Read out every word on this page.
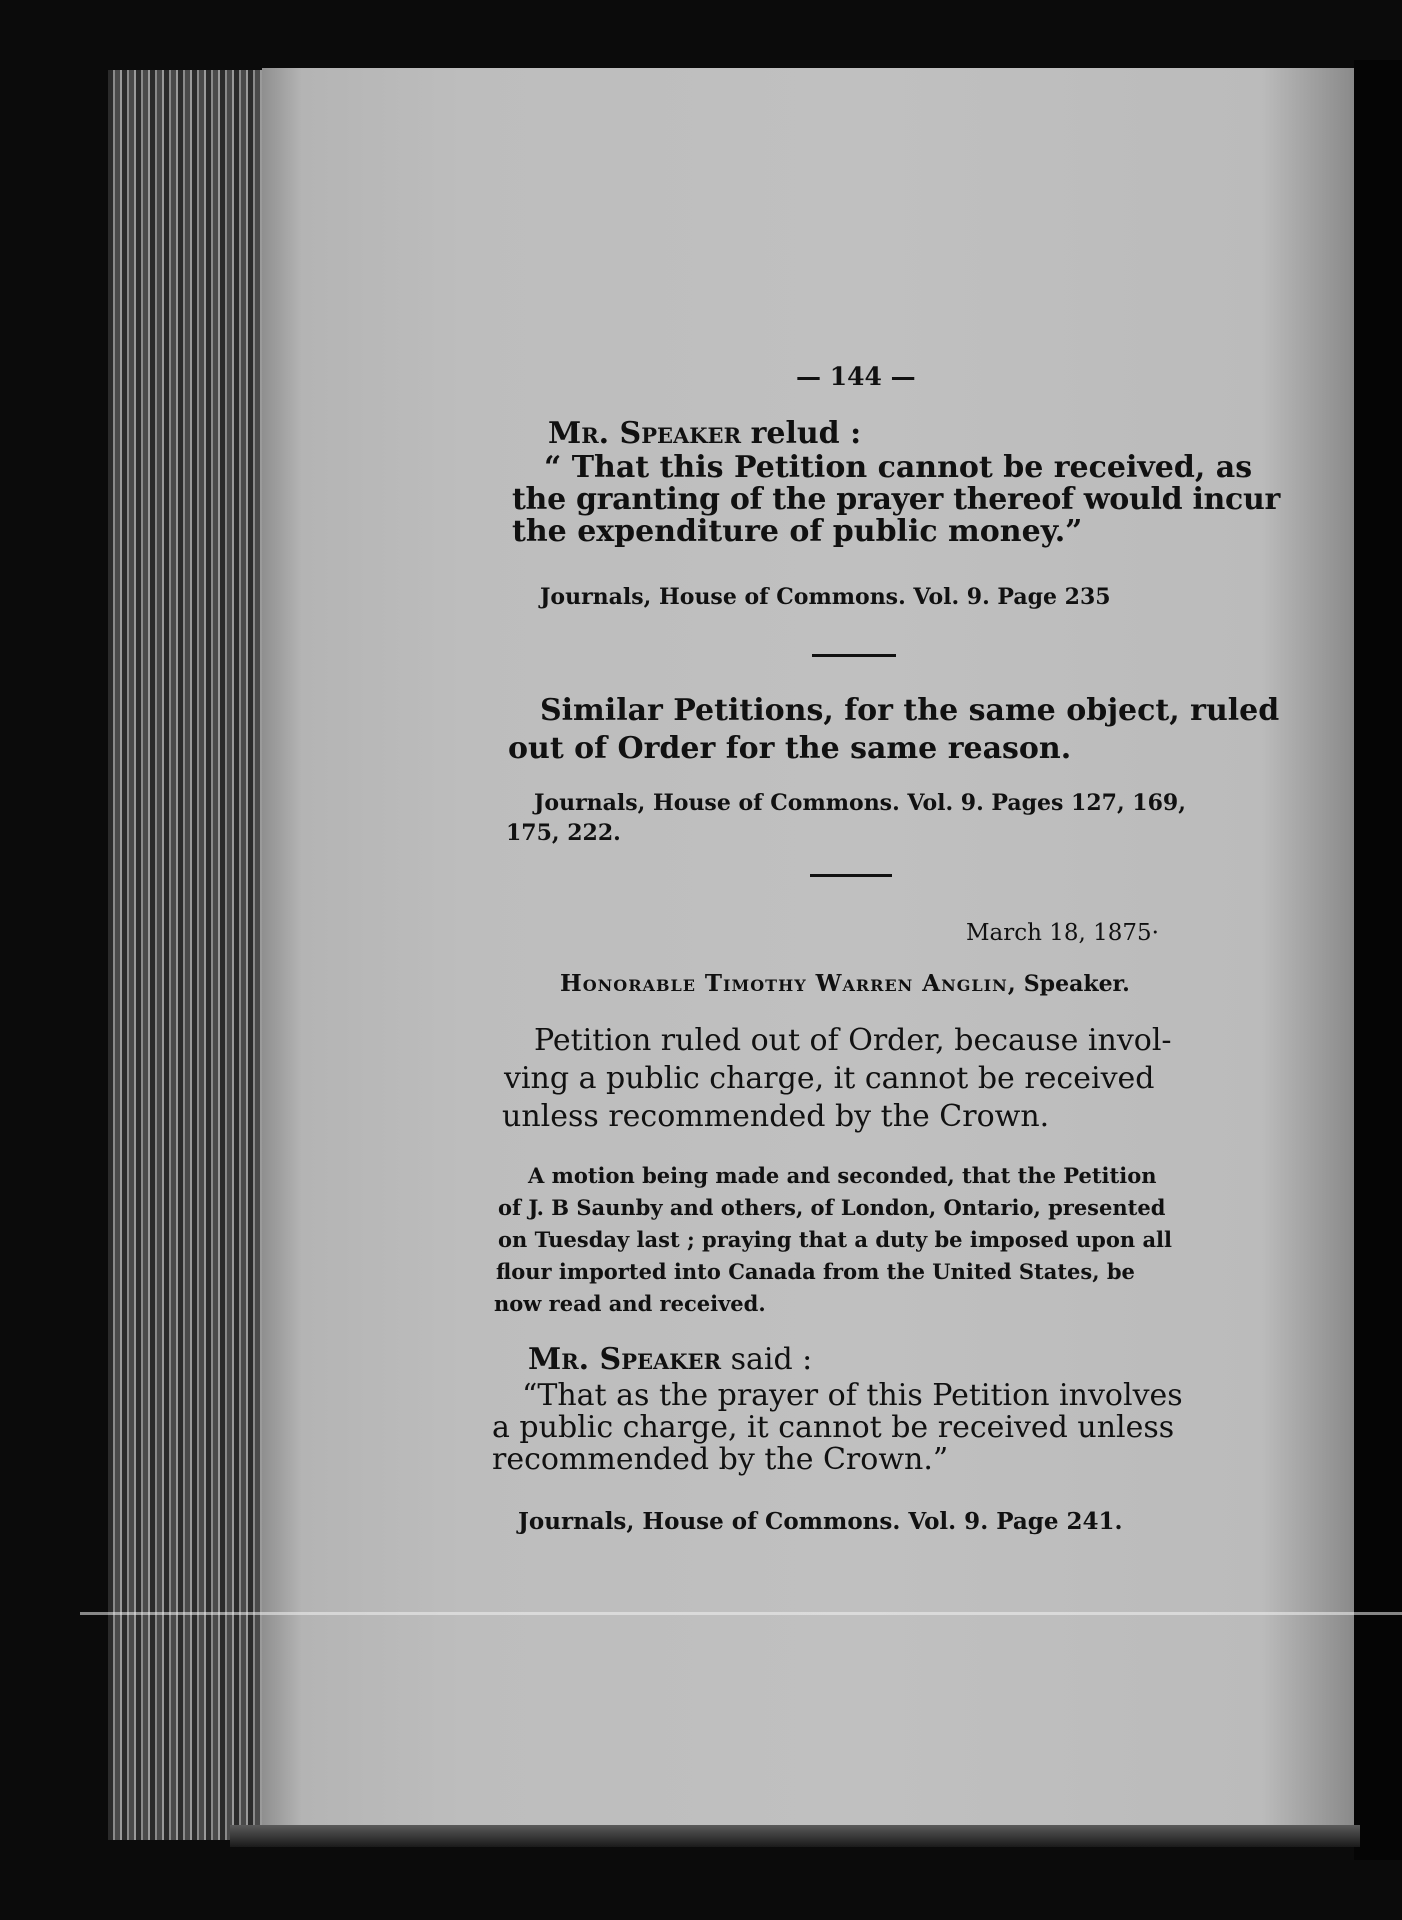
— 144 —
Mr. Speaker relud :
“ That this Petition cannot be received, as
the granting of the prayer thereof would incur
the expenditure of public money.”
Journals, House of Commons. Vol. 9. Page 235
Similar Petitions, for the same object, ruled
out of Order for the same reason.
Journals, House of Commons. Vol. 9. Pages 127, 169,
175, 222.
March 18, 1875·
Honorable Timothy Warren Anglin, Speaker.
Petition ruled out of Order, because invol-
ving a public charge, it cannot be received
unless recommended by the Crown.
A motion being made and seconded, that the Petition
of J. B Saunby and others, of London, Ontario, presented
on Tuesday last ; praying that a duty be imposed upon all
flour imported into Canada from the United States, be
now read and received.
Mr. Speaker said :
“That as the prayer of this Petition involves
a public charge, it cannot be received unless
recommended by the Crown.”
Journals, House of Commons. Vol. 9. Page 241.
